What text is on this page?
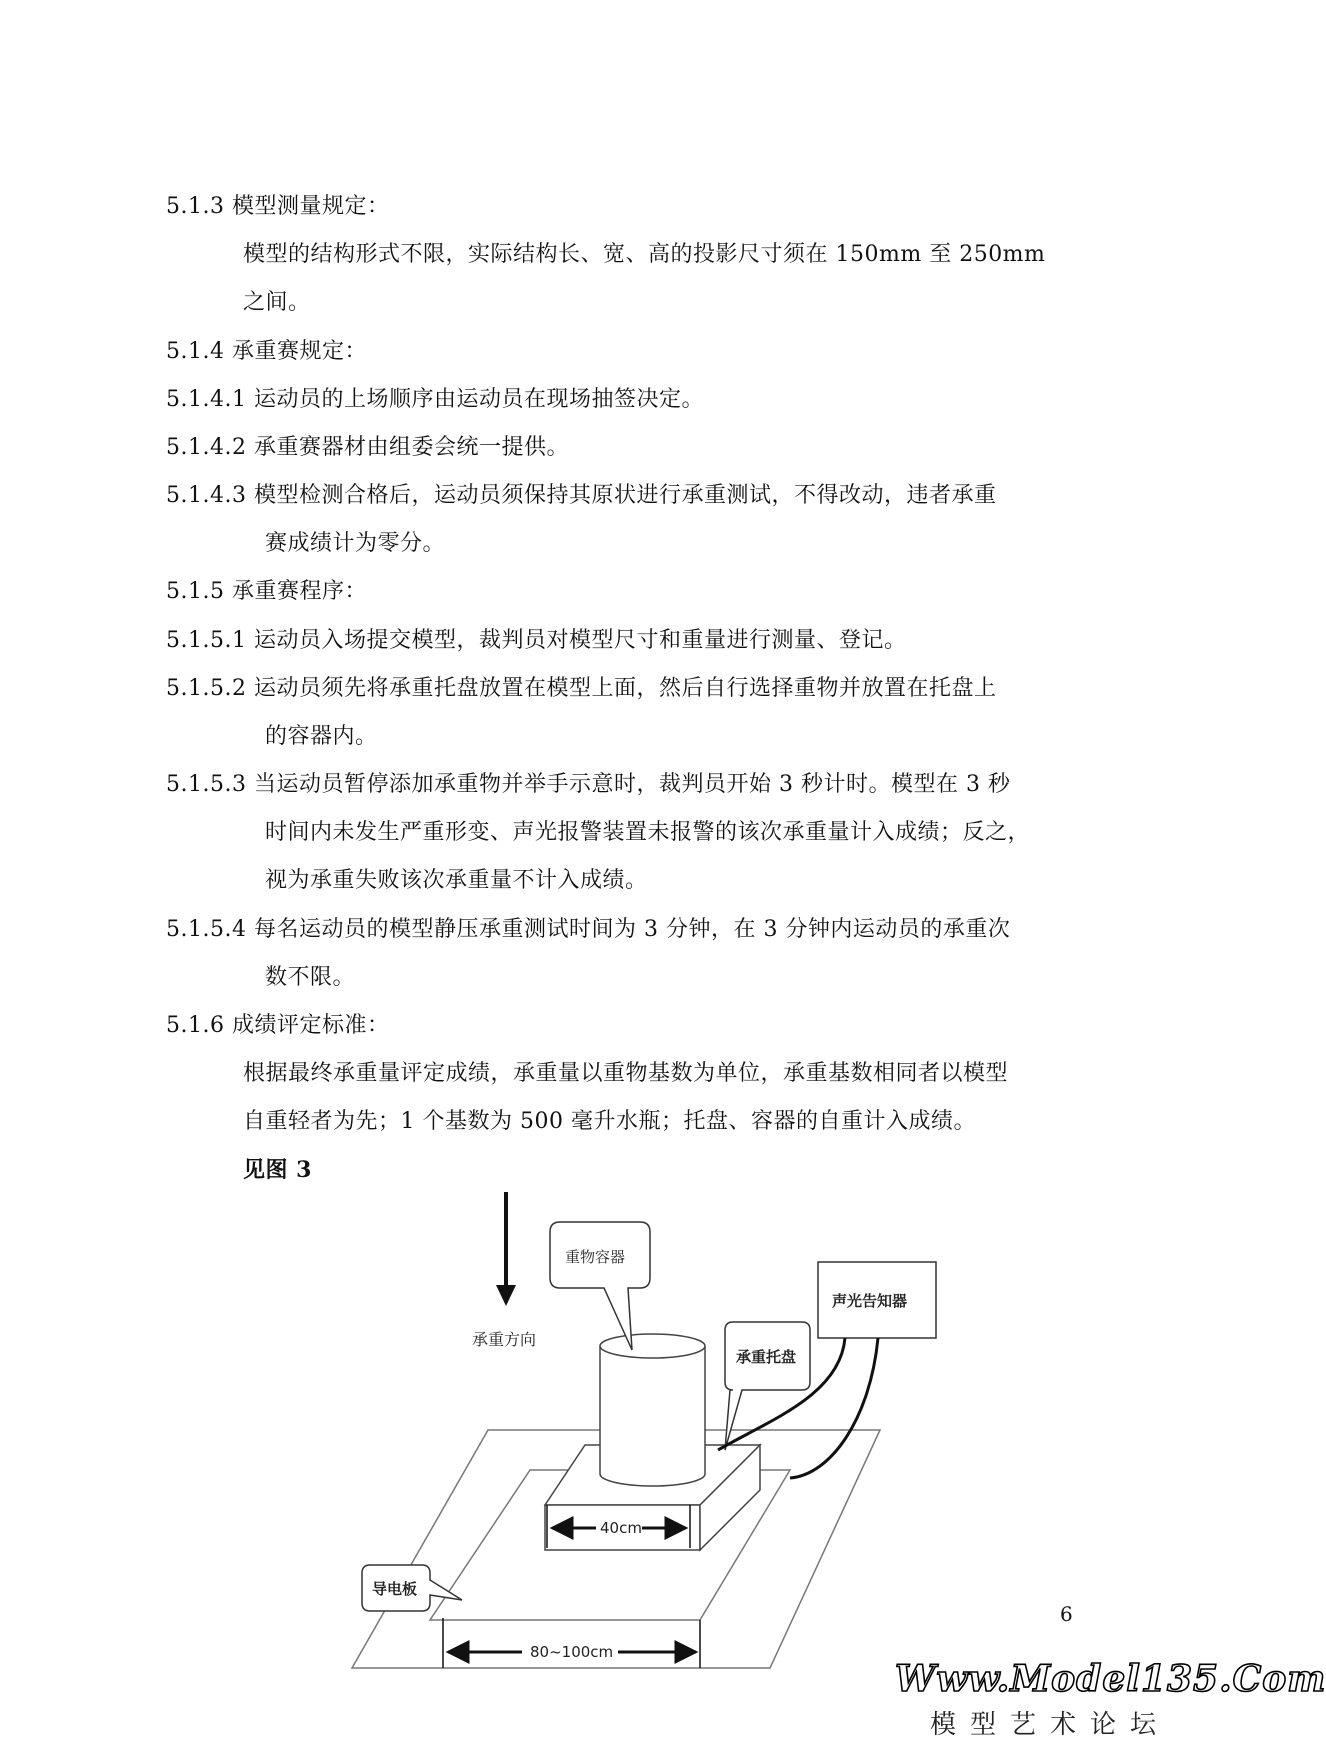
5.1.3 模型测量规定：
模型的结构形式不限，实际结构长、宽、高的投影尺寸须在 150mm 至 250mm
之间。
5.1.4 承重赛规定：
5.1.4.1 运动员的上场顺序由运动员在现场抽签决定。
5.1.4.2 承重赛器材由组委会统一提供。
5.1.4.3 模型检测合格后，运动员须保持其原状进行承重测试，不得改动，违者承重
赛成绩计为零分。
5.1.5 承重赛程序：
5.1.5.1 运动员入场提交模型，裁判员对模型尺寸和重量进行测量、登记。
5.1.5.2 运动员须先将承重托盘放置在模型上面，然后自行选择重物并放置在托盘上
的容器内。
5.1.5.3 当运动员暂停添加承重物并举手示意时，裁判员开始 3 秒计时。模型在 3 秒
时间内未发生严重形变、声光报警装置未报警的该次承重量计入成绩；反之，
视为承重失败该次承重量不计入成绩。
5.1.5.4 每名运动员的模型静压承重测试时间为 3 分钟，在 3 分钟内运动员的承重次
数不限。
5.1.6 成绩评定标准：
根据最终承重量评定成绩，承重量以重物基数为单位，承重基数相同者以模型
自重轻者为先；1 个基数为 500 毫升水瓶；托盘、容器的自重计入成绩。
见图 3
承重方向
重物容器
承重托盘
声光告知器
40cm
导电板
80~100cm
6
Www.Model135.Com
模型艺术论坛
